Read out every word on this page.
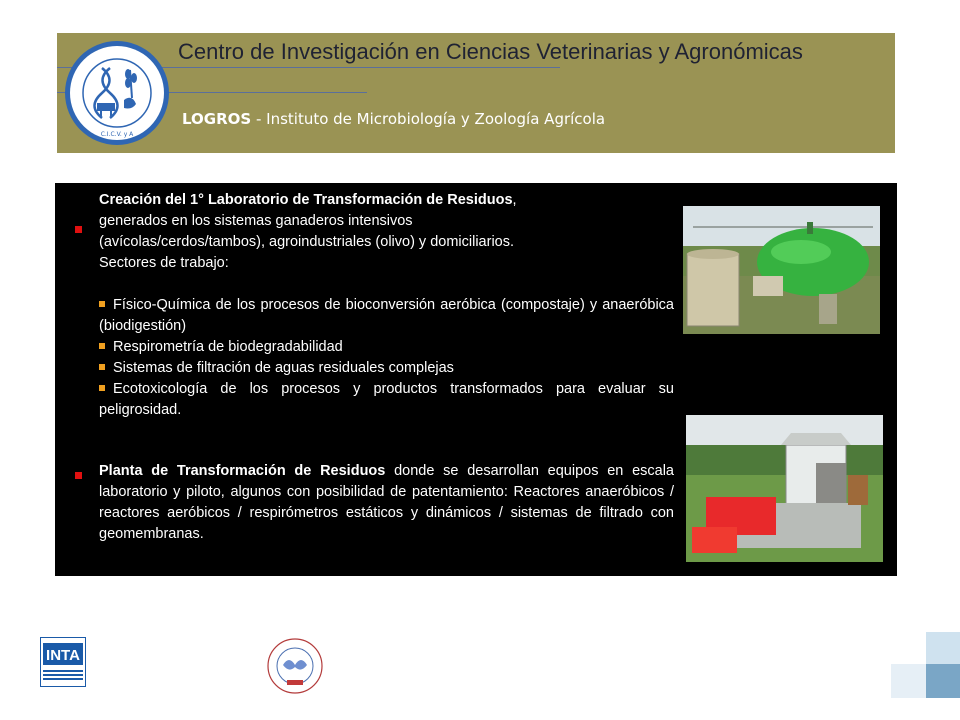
C.I.C.V. y A
Centro de Investigación en Ciencias Veterinarias y Agronómicas
LOGROS - Instituto de Microbiología y Zoología Agrícola
Creación del 1° Laboratorio de Transformación de Residuos,
generados en los sistemas ganaderos intensivos
(avícolas/cerdos/tambos), agroindustriales (olivo) y domiciliarios.
Sectores de trabajo:
Físico-Química de los procesos de bioconversión aeróbica (compostaje) y anaeróbica (biodigestión)
Respirometría de biodegradabilidad
Sistemas de filtración de aguas residuales complejas
Ecotoxicología de los procesos y productos transformados para evaluar su peligrosidad.
Planta de Transformación de Residuos donde se desarrollan equipos en escala laboratorio y piloto, algunos con posibilidad de patentamiento: Reactores anaeróbicos / reactores aeróbicos / respirómetros estáticos y dinámicos / sistemas de filtrado con geomembranas.
INTA
